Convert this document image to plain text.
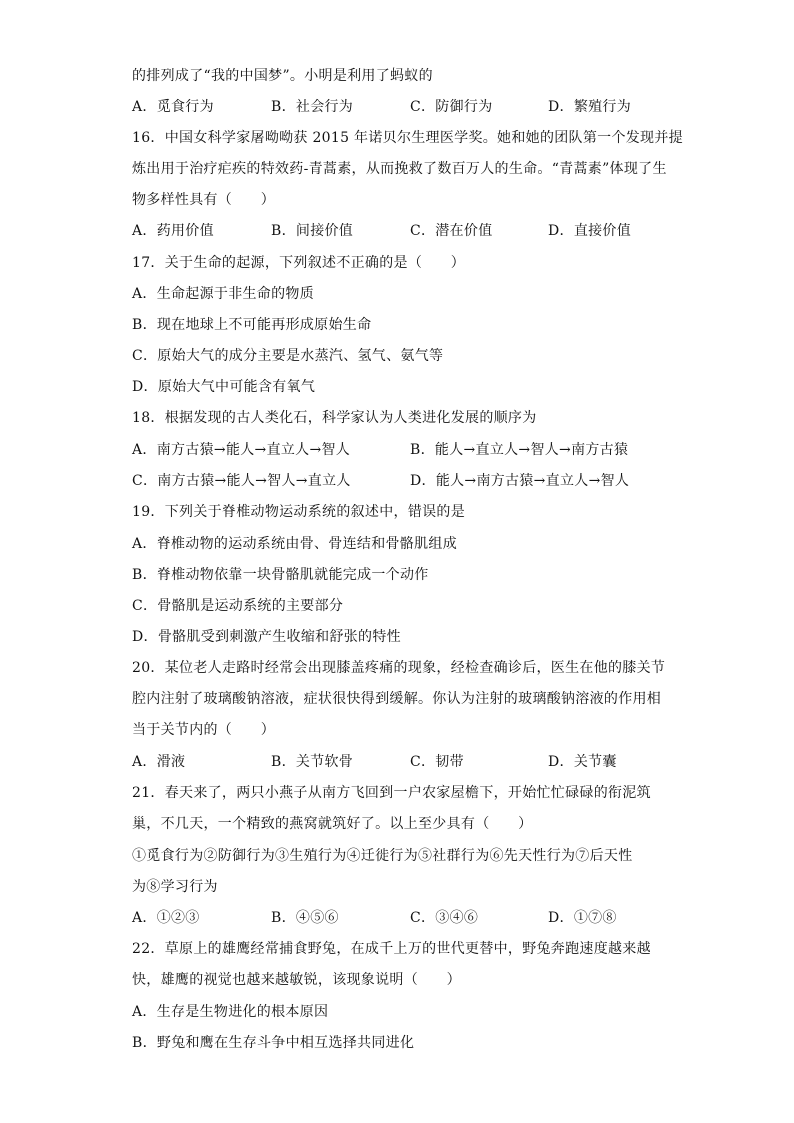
的排列成了“我的中国梦”。小明是利用了蚂蚁的
A．觅食行为	B．社会行为	C．防御行为	D．繁殖行为
16．中国女科学家屠呦呦获 2015 年诺贝尔生理医学奖。她和她的团队第一个发现并提
炼出用于治疗疟疾的特效药-青蒿素，从而挽救了数百万人的生命。“青蒿素”体现了生
物多样性具有（　　）
A．药用价值	B．间接价值	C．潜在价值	D．直接价值
17．关于生命的起源，下列叙述不正确的是（　　）
A．生命起源于非生命的物质
B．现在地球上不可能再形成原始生命
C．原始大气的成分主要是水蒸汽、氢气、氨气等
D．原始大气中可能含有氧气
18．根据发现的古人类化石，科学家认为人类进化发展的顺序为
A．南方古猿→能人→直立人→智人	B．能人→直立人→智人→南方古猿
C．南方古猿→能人→智人→直立人	D．能人→南方古猿→直立人→智人
19．下列关于脊椎动物运动系统的叙述中，错误的是
A．脊椎动物的运动系统由骨、骨连结和骨骼肌组成
B．脊椎动物依靠一块骨骼肌就能完成一个动作
C．骨骼肌是运动系统的主要部分
D．骨骼肌受到刺激产生收缩和舒张的特性
20．某位老人走路时经常会出现膝盖疼痛的现象，经检查确诊后，医生在他的膝关节
腔内注射了玻璃酸钠溶液，症状很快得到缓解。你认为注射的玻璃酸钠溶液的作用相
当于关节内的（　　）
A．滑液	B．关节软骨	C．韧带	D．关节囊
21．春天来了，两只小燕子从南方飞回到一户农家屋檐下，开始忙忙碌碌的衔泥筑
巢，不几天，一个精致的燕窝就筑好了。以上至少具有（　　）
①觅食行为②防御行为③生殖行为④迁徙行为⑤社群行为⑥先天性行为⑦后天性
为⑧学习行为
A．①②③	B．④⑤⑥	C．③④⑥	D．①⑦⑧
22．草原上的雄鹰经常捕食野兔，在成千上万的世代更替中，野兔奔跑速度越来越
快，雄鹰的视觉也越来越敏锐，该现象说明（　　）
A．生存是生物进化的根本原因
B．野兔和鹰在生存斗争中相互选择共同进化
